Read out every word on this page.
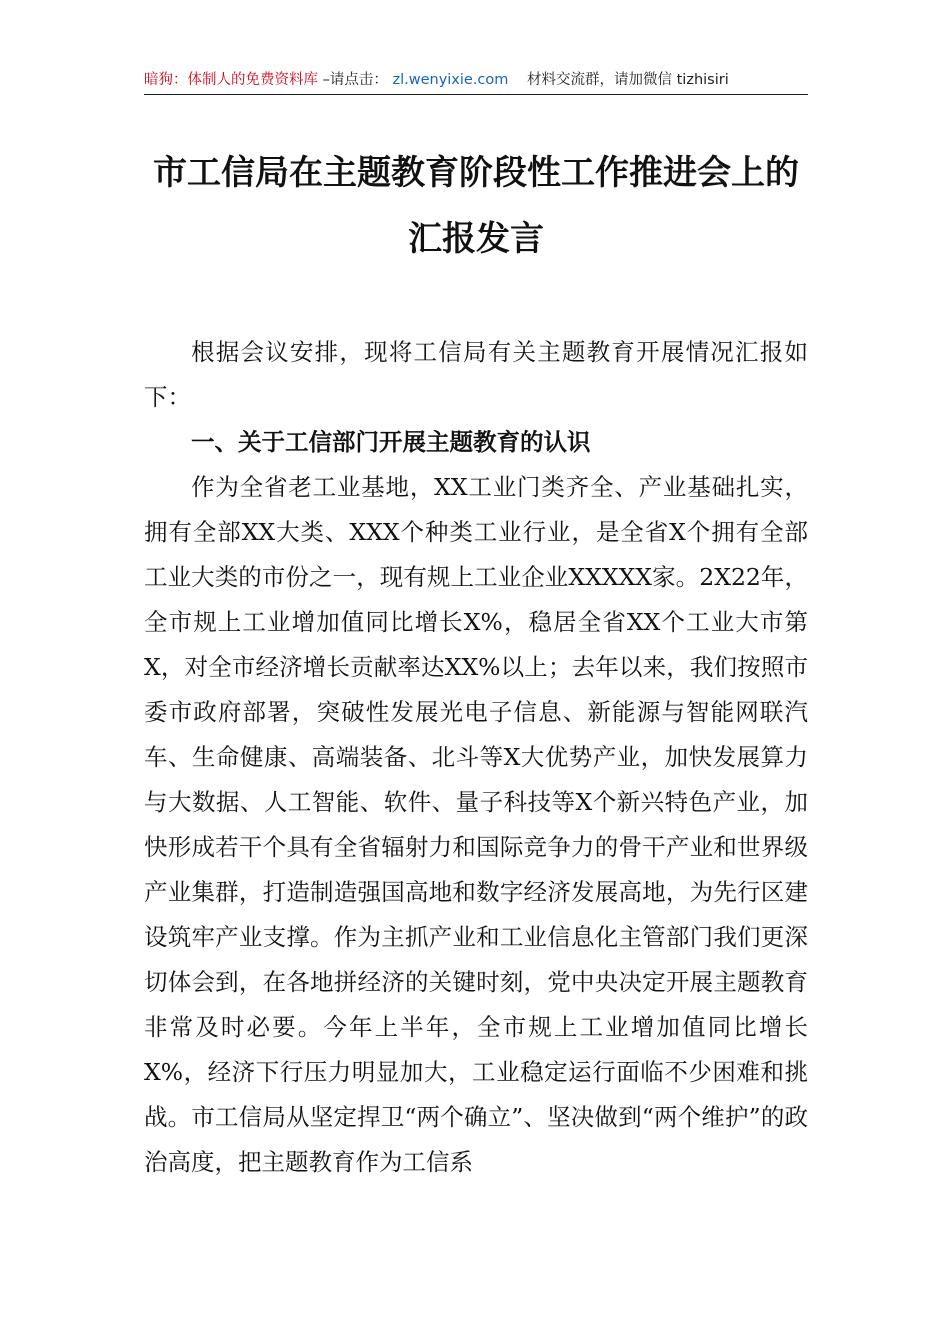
暗狗：体制人的免费资料库 –请点击： zl.wenyixie.com 材料交流群，请加微信 tizhisiri
市工信局在主题教育阶段性工作推进会上的汇报发言

根据会议安排，现将工信局有关主题教育开展情况汇报如下：

一、关于工信部门开展主题教育的认识

作为全省老工业基地，XX工业门类齐全、产业基础扎实，拥有全部XX大类、XXX个种类工业行业，是全省X个拥有全部工业大类的市份之一，现有规上工业企业XXXXX家。2X22年，全市规上工业增加值同比增长X%，稳居全省XX个工业大市第X，对全市经济增长贡献率达XX%以上；去年以来，我们按照市委市政府部署，突破性发展光电子信息、新能源与智能网联汽车、生命健康、高端装备、北斗等X大优势产业，加快发展算力与大数据、人工智能、软件、量子科技等X个新兴特色产业，加快形成若干个具有全省辐射力和国际竞争力的骨干产业和世界级产业集群，打造制造强国高地和数字经济发展高地，为先行区建设筑牢产业支撑。作为主抓产业和工业信息化主管部门我们更深切体会到，在各地拼经济的关键时刻，党中央决定开展主题教育非常及时必要。今年上半年，全市规上工业增加值同比增长X%，经济下行压力明显加大，工业稳定运行面临不少困难和挑战。市工信局从坚定捍卫“两个确立”、坚决做到“两个维护”的政治高度，把主题教育作为工信系
